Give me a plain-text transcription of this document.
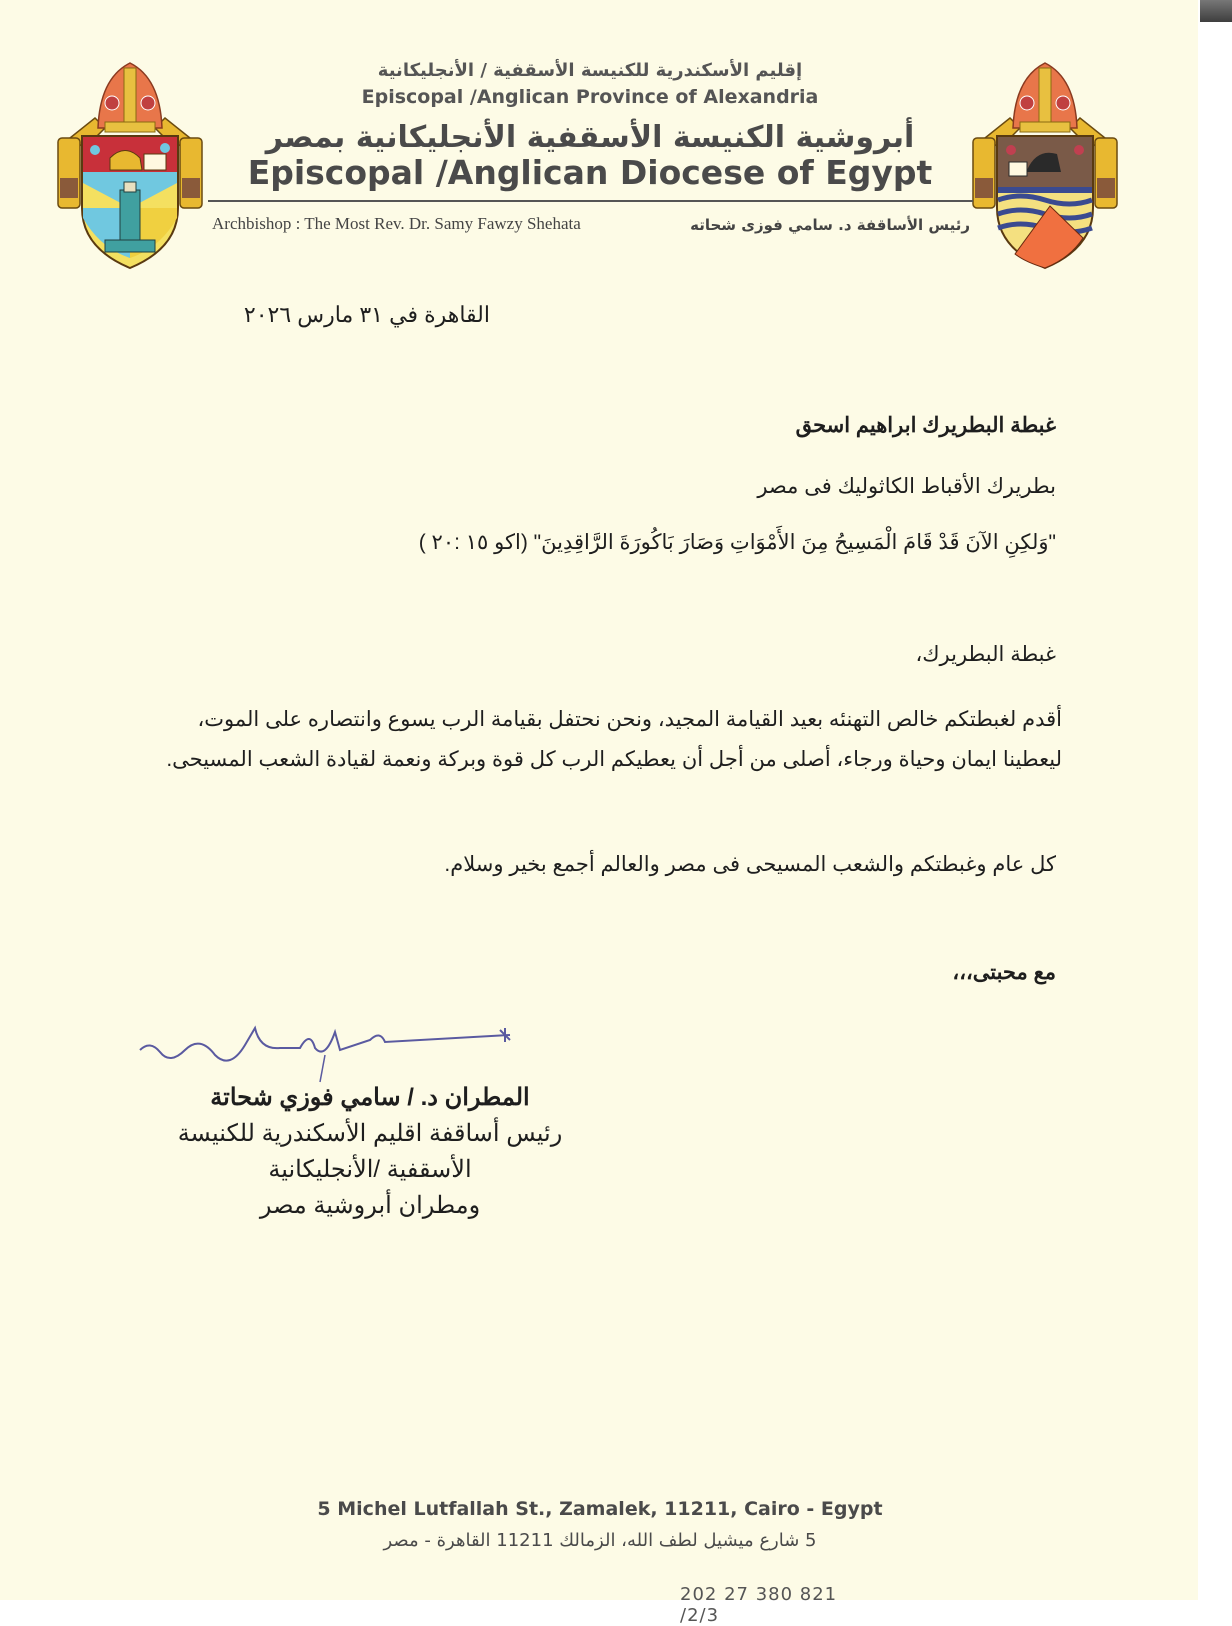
إقليم الأسكندرية للكنيسة الأسقفية / الأنجليكانية
Episcopal /Anglican Province of Alexandria
أبروشية الكنيسة الأسقفية الأنجليكانية بمصر
Episcopal /Anglican Diocese of Egypt
Archbishop : The Most Rev. Dr. Samy Fawzy Shehata	رئيس الأساقفة د. سامي فوزى شحاته
القاهرة في ٣١ مارس ٢٠٢٦
غبطة البطريرك ابراهيم اسحق
بطريرك الأقباط الكاثوليك فى مصر
"وَلكِنِ الآنَ قَدْ قَامَ الْمَسِيحُ مِنَ الأَمْوَاتِ وَصَارَ بَاكُورَةَ الرَّاقِدِينَ" (اكو ١٥ :٢٠ )
غبطة البطريرك،
أقدم لغبطتكم خالص التهنئه بعيد القيامة المجيد، ونحن نحتفل بقيامة الرب يسوع وانتصاره على الموت،
ليعطينا ايمان وحياة ورجاء، أصلى من أجل أن يعطيكم الرب كل قوة وبركة ونعمة لقيادة الشعب المسيحى.
كل عام وغبطتكم والشعب المسيحى فى مصر والعالم أجمع بخير وسلام.
مع محبتى،،،
المطران د. / سامي فوزي شحاتة
رئيس أساقفة اقليم الأسكندرية للكنيسة
الأسقفية /الأنجليكانية
ومطران أبروشية مصر
5 Michel Lutfallah St., Zamalek, 11211, Cairo - Egypt
5 شارع ميشيل لطف الله، الزمالك 11211 القاهرة - مصر
202 27 380 821 /2/3
